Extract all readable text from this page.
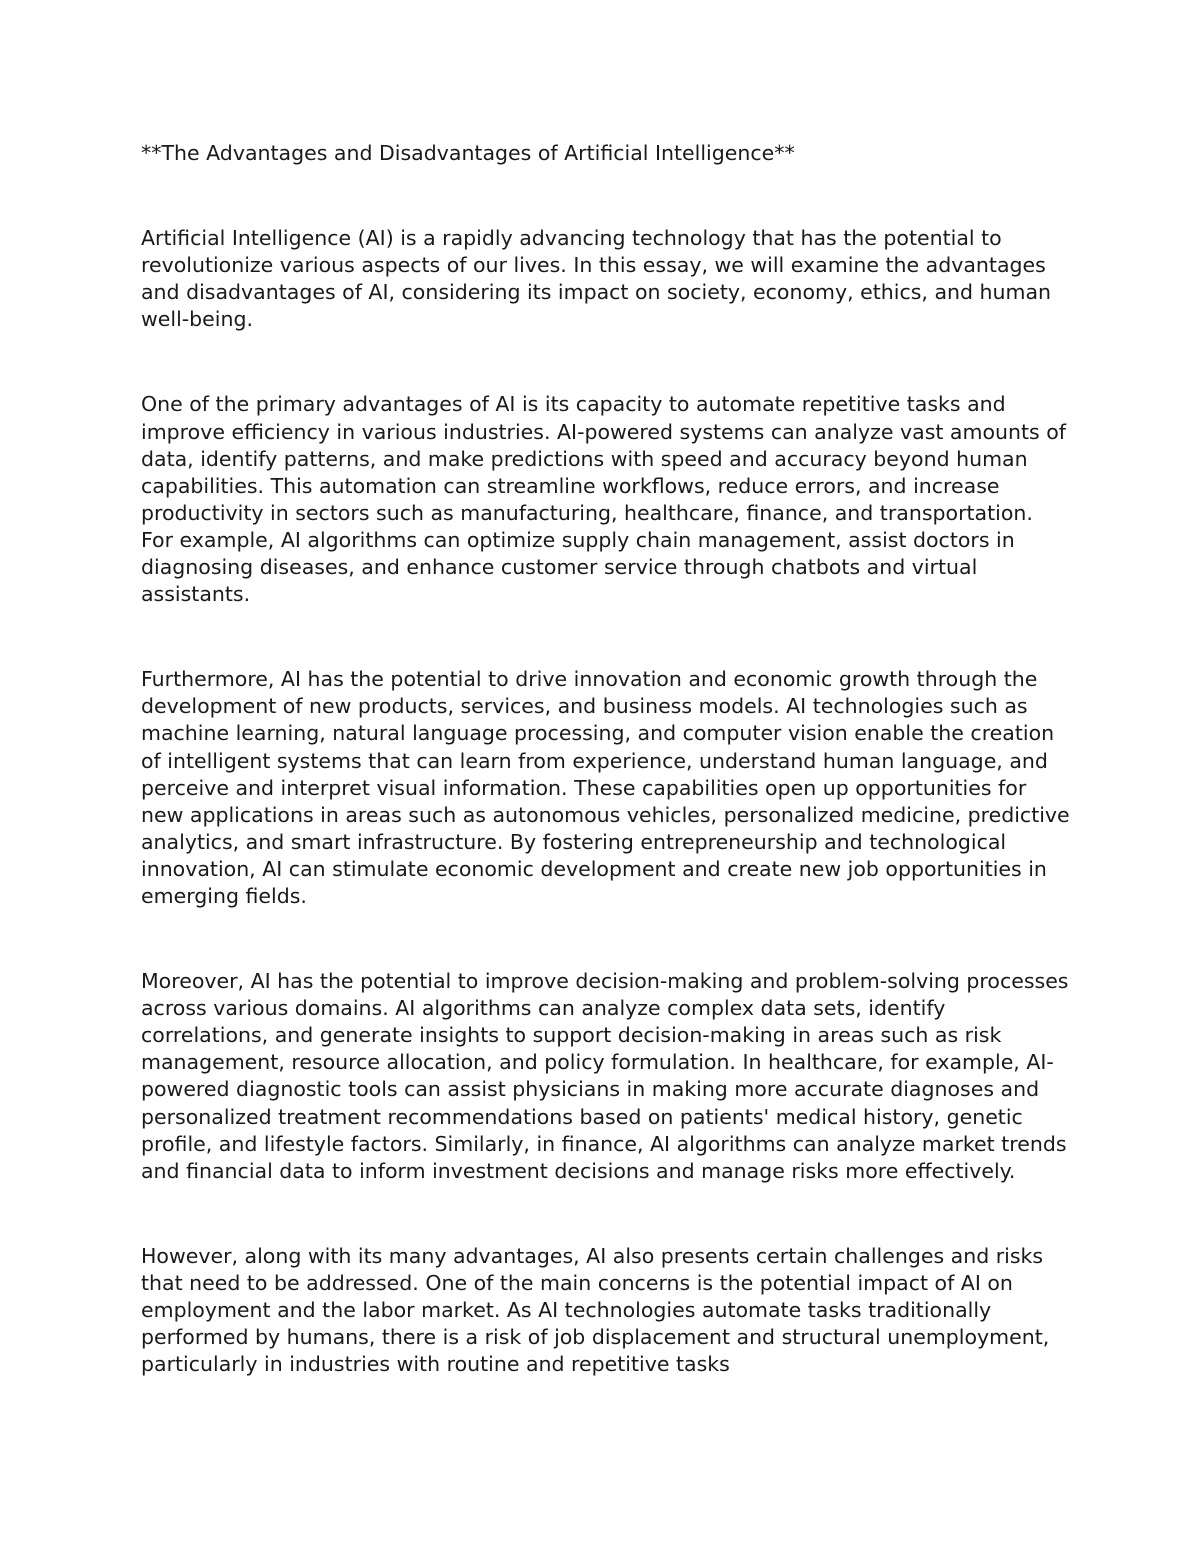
**The Advantages and Disadvantages of Artificial Intelligence**

Artificial Intelligence (AI) is a rapidly advancing technology that has the potential to revolutionize various aspects of our lives. In this essay, we will examine the advantages and disadvantages of AI, considering its impact on society, economy, ethics, and human well-being.

One of the primary advantages of AI is its capacity to automate repetitive tasks and improve efficiency in various industries. AI-powered systems can analyze vast amounts of data, identify patterns, and make predictions with speed and accuracy beyond human capabilities. This automation can streamline workflows, reduce errors, and increase productivity in sectors such as manufacturing, healthcare, finance, and transportation. For example, AI algorithms can optimize supply chain management, assist doctors in diagnosing diseases, and enhance customer service through chatbots and virtual assistants.

Furthermore, AI has the potential to drive innovation and economic growth through the development of new products, services, and business models. AI technologies such as machine learning, natural language processing, and computer vision enable the creation of intelligent systems that can learn from experience, understand human language, and perceive and interpret visual information. These capabilities open up opportunities for new applications in areas such as autonomous vehicles, personalized medicine, predictive analytics, and smart infrastructure. By fostering entrepreneurship and technological innovation, AI can stimulate economic development and create new job opportunities in emerging fields.

Moreover, AI has the potential to improve decision-making and problem-solving processes across various domains. AI algorithms can analyze complex data sets, identify correlations, and generate insights to support decision-making in areas such as risk management, resource allocation, and policy formulation. In healthcare, for example, AI-powered diagnostic tools can assist physicians in making more accurate diagnoses and personalized treatment recommendations based on patients' medical history, genetic profile, and lifestyle factors. Similarly, in finance, AI algorithms can analyze market trends and financial data to inform investment decisions and manage risks more effectively.

However, along with its many advantages, AI also presents certain challenges and risks that need to be addressed. One of the main concerns is the potential impact of AI on employment and the labor market. As AI technologies automate tasks traditionally performed by humans, there is a risk of job displacement and structural unemployment, particularly in industries with routine and repetitive tasks
